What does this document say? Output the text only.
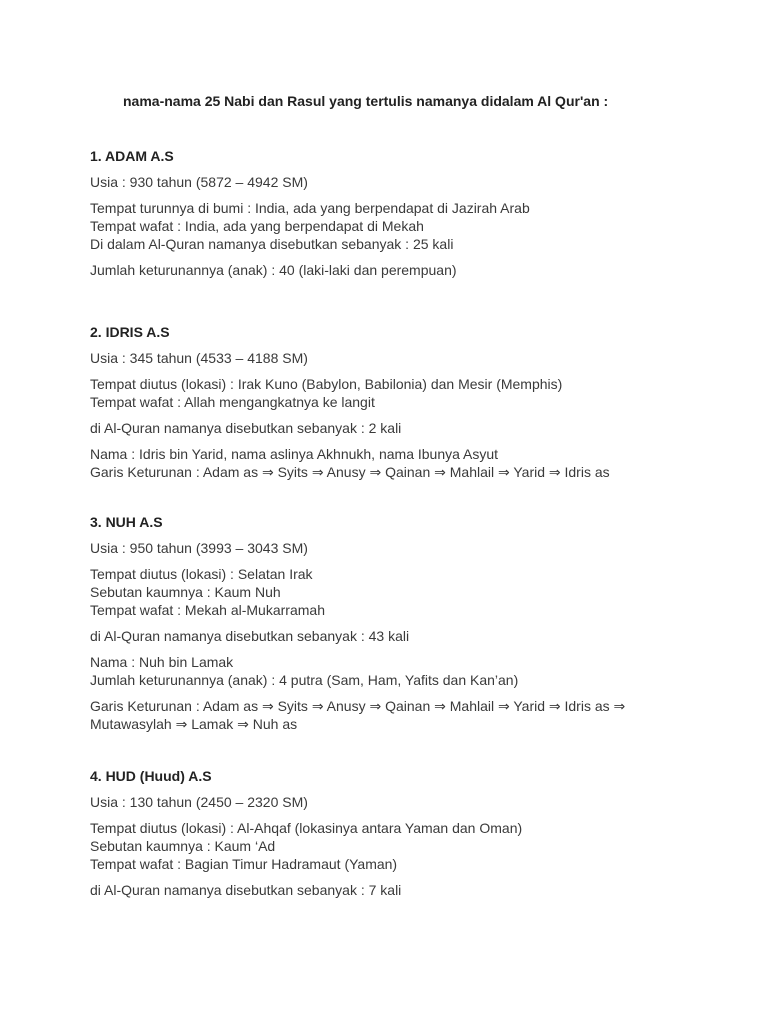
nama-nama 25 Nabi dan Rasul yang tertulis namanya didalam Al Qur'an :
1. ADAM A.S
Usia : 930 tahun (5872 – 4942 SM)
Tempat turunnya di bumi : India, ada yang berpendapat di Jazirah Arab
Tempat wafat : India, ada yang berpendapat di Mekah
Di dalam Al-Quran namanya disebutkan sebanyak : 25 kali
Jumlah keturunannya (anak) : 40 (laki-laki dan perempuan)
2. IDRIS A.S
Usia : 345 tahun (4533 – 4188 SM)
Tempat diutus (lokasi) : Irak Kuno (Babylon, Babilonia) dan Mesir (Memphis)
Tempat wafat : Allah mengangkatnya ke langit
di Al-Quran namanya disebutkan sebanyak : 2 kali
Nama : Idris bin Yarid, nama aslinya Akhnukh, nama Ibunya Asyut
Garis Keturunan : Adam as ⇒ Syits ⇒ Anusy ⇒ Qainan ⇒ Mahlail ⇒ Yarid ⇒ Idris as
3. NUH A.S
Usia : 950 tahun (3993 – 3043 SM)
Tempat diutus (lokasi) : Selatan Irak
Sebutan kaumnya : Kaum Nuh
Tempat wafat : Mekah al-Mukarramah
di Al-Quran namanya disebutkan sebanyak : 43 kali
Nama : Nuh bin Lamak
Jumlah keturunannya (anak) : 4 putra (Sam, Ham, Yafits dan Kan’an)
Garis Keturunan : Adam as ⇒ Syits ⇒ Anusy ⇒ Qainan ⇒ Mahlail ⇒ Yarid ⇒ Idris as ⇒
Mutawasylah ⇒ Lamak ⇒ Nuh as
4. HUD (Huud) A.S
Usia : 130 tahun (2450 – 2320 SM)
Tempat diutus (lokasi) : Al-Ahqaf (lokasinya antara Yaman dan Oman)
Sebutan kaumnya : Kaum ‘Ad
Tempat wafat : Bagian Timur Hadramaut (Yaman)
di Al-Quran namanya disebutkan sebanyak : 7 kali
